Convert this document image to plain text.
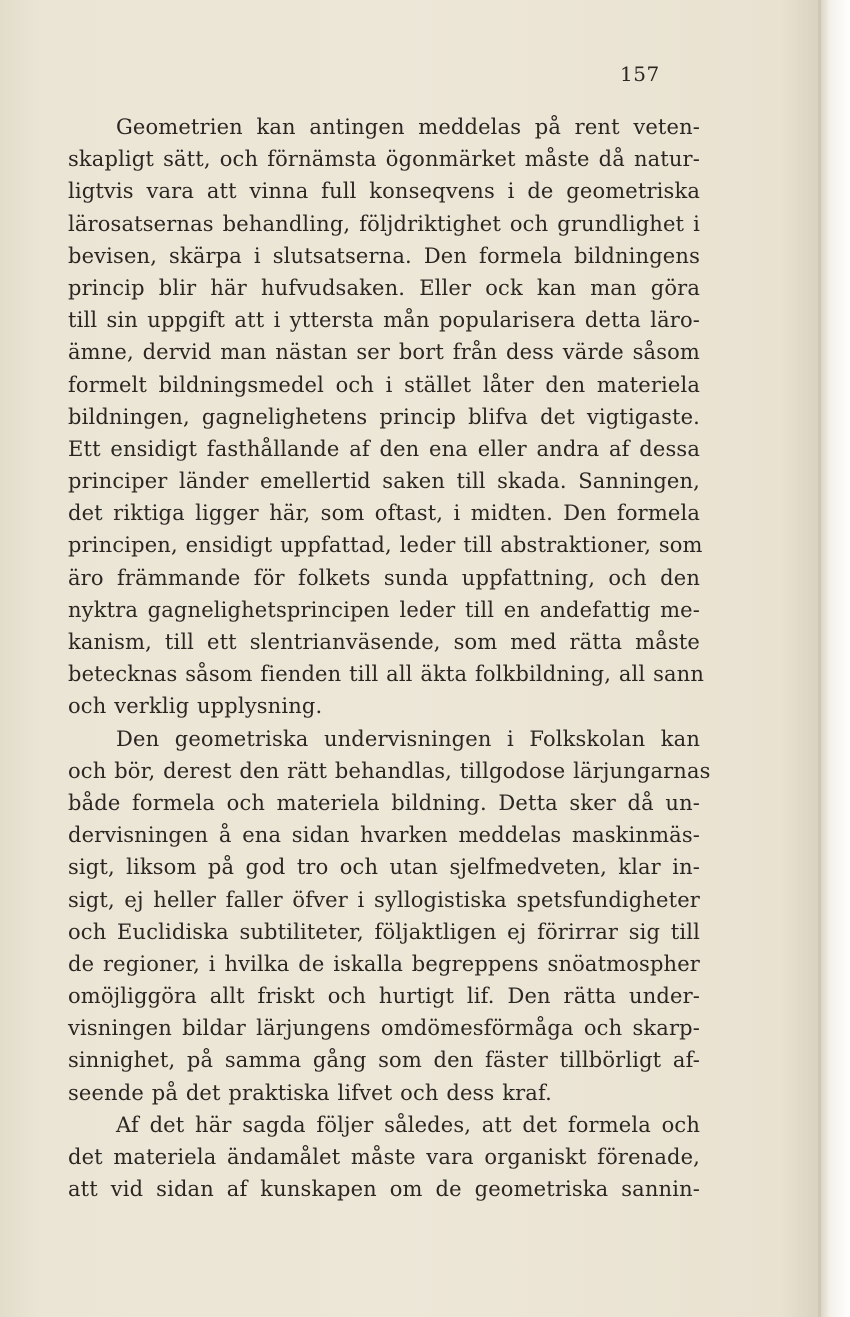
157
Geometrien kan antingen meddelas på rent veten-
skapligt sätt, och förnämsta ögonmärket måste då natur-
ligtvis vara att vinna full konseqvens i de geometriska
lärosatsernas behandling, följdriktighet och grundlighet i
bevisen, skärpa i slutsatserna. Den formela bildningens
princip blir här hufvudsaken. Eller ock kan man göra
till sin uppgift att i yttersta mån popularisera detta läro-
ämne, dervid man nästan ser bort från dess värde såsom
formelt bildningsmedel och i stället låter den materiela
bildningen, gagnelighetens princip blifva det vigtigaste.
Ett ensidigt fasthållande af den ena eller andra af dessa
principer länder emellertid saken till skada. Sanningen,
det riktiga ligger här, som oftast, i midten. Den formela
principen, ensidigt uppfattad, leder till abstraktioner, som
äro främmande för folkets sunda uppfattning, och den
nyktra gagnelighetsprincipen leder till en andefattig me-
kanism, till ett slentrianväsende, som med rätta måste
betecknas såsom fienden till all äkta folkbildning, all sann
och verklig upplysning.
Den geometriska undervisningen i Folkskolan kan
och bör, derest den rätt behandlas, tillgodose lärjungarnas
både formela och materiela bildning. Detta sker då un-
dervisningen å ena sidan hvarken meddelas maskinmäs-
sigt, liksom på god tro och utan sjelfmedveten, klar in-
sigt, ej heller faller öfver i syllogistiska spetsfundigheter
och Euclidiska subtiliteter, följaktligen ej förirrar sig till
de regioner, i hvilka de iskalla begreppens snöatmospher
omöjliggöra allt friskt och hurtigt lif. Den rätta under-
visningen bildar lärjungens omdömesförmåga och skarp-
sinnighet, på samma gång som den fäster tillbörligt af-
seende på det praktiska lifvet och dess kraf.
Af det här sagda följer således, att det formela och
det materiela ändamålet måste vara organiskt förenade,
att vid sidan af kunskapen om de geometriska sannin-
